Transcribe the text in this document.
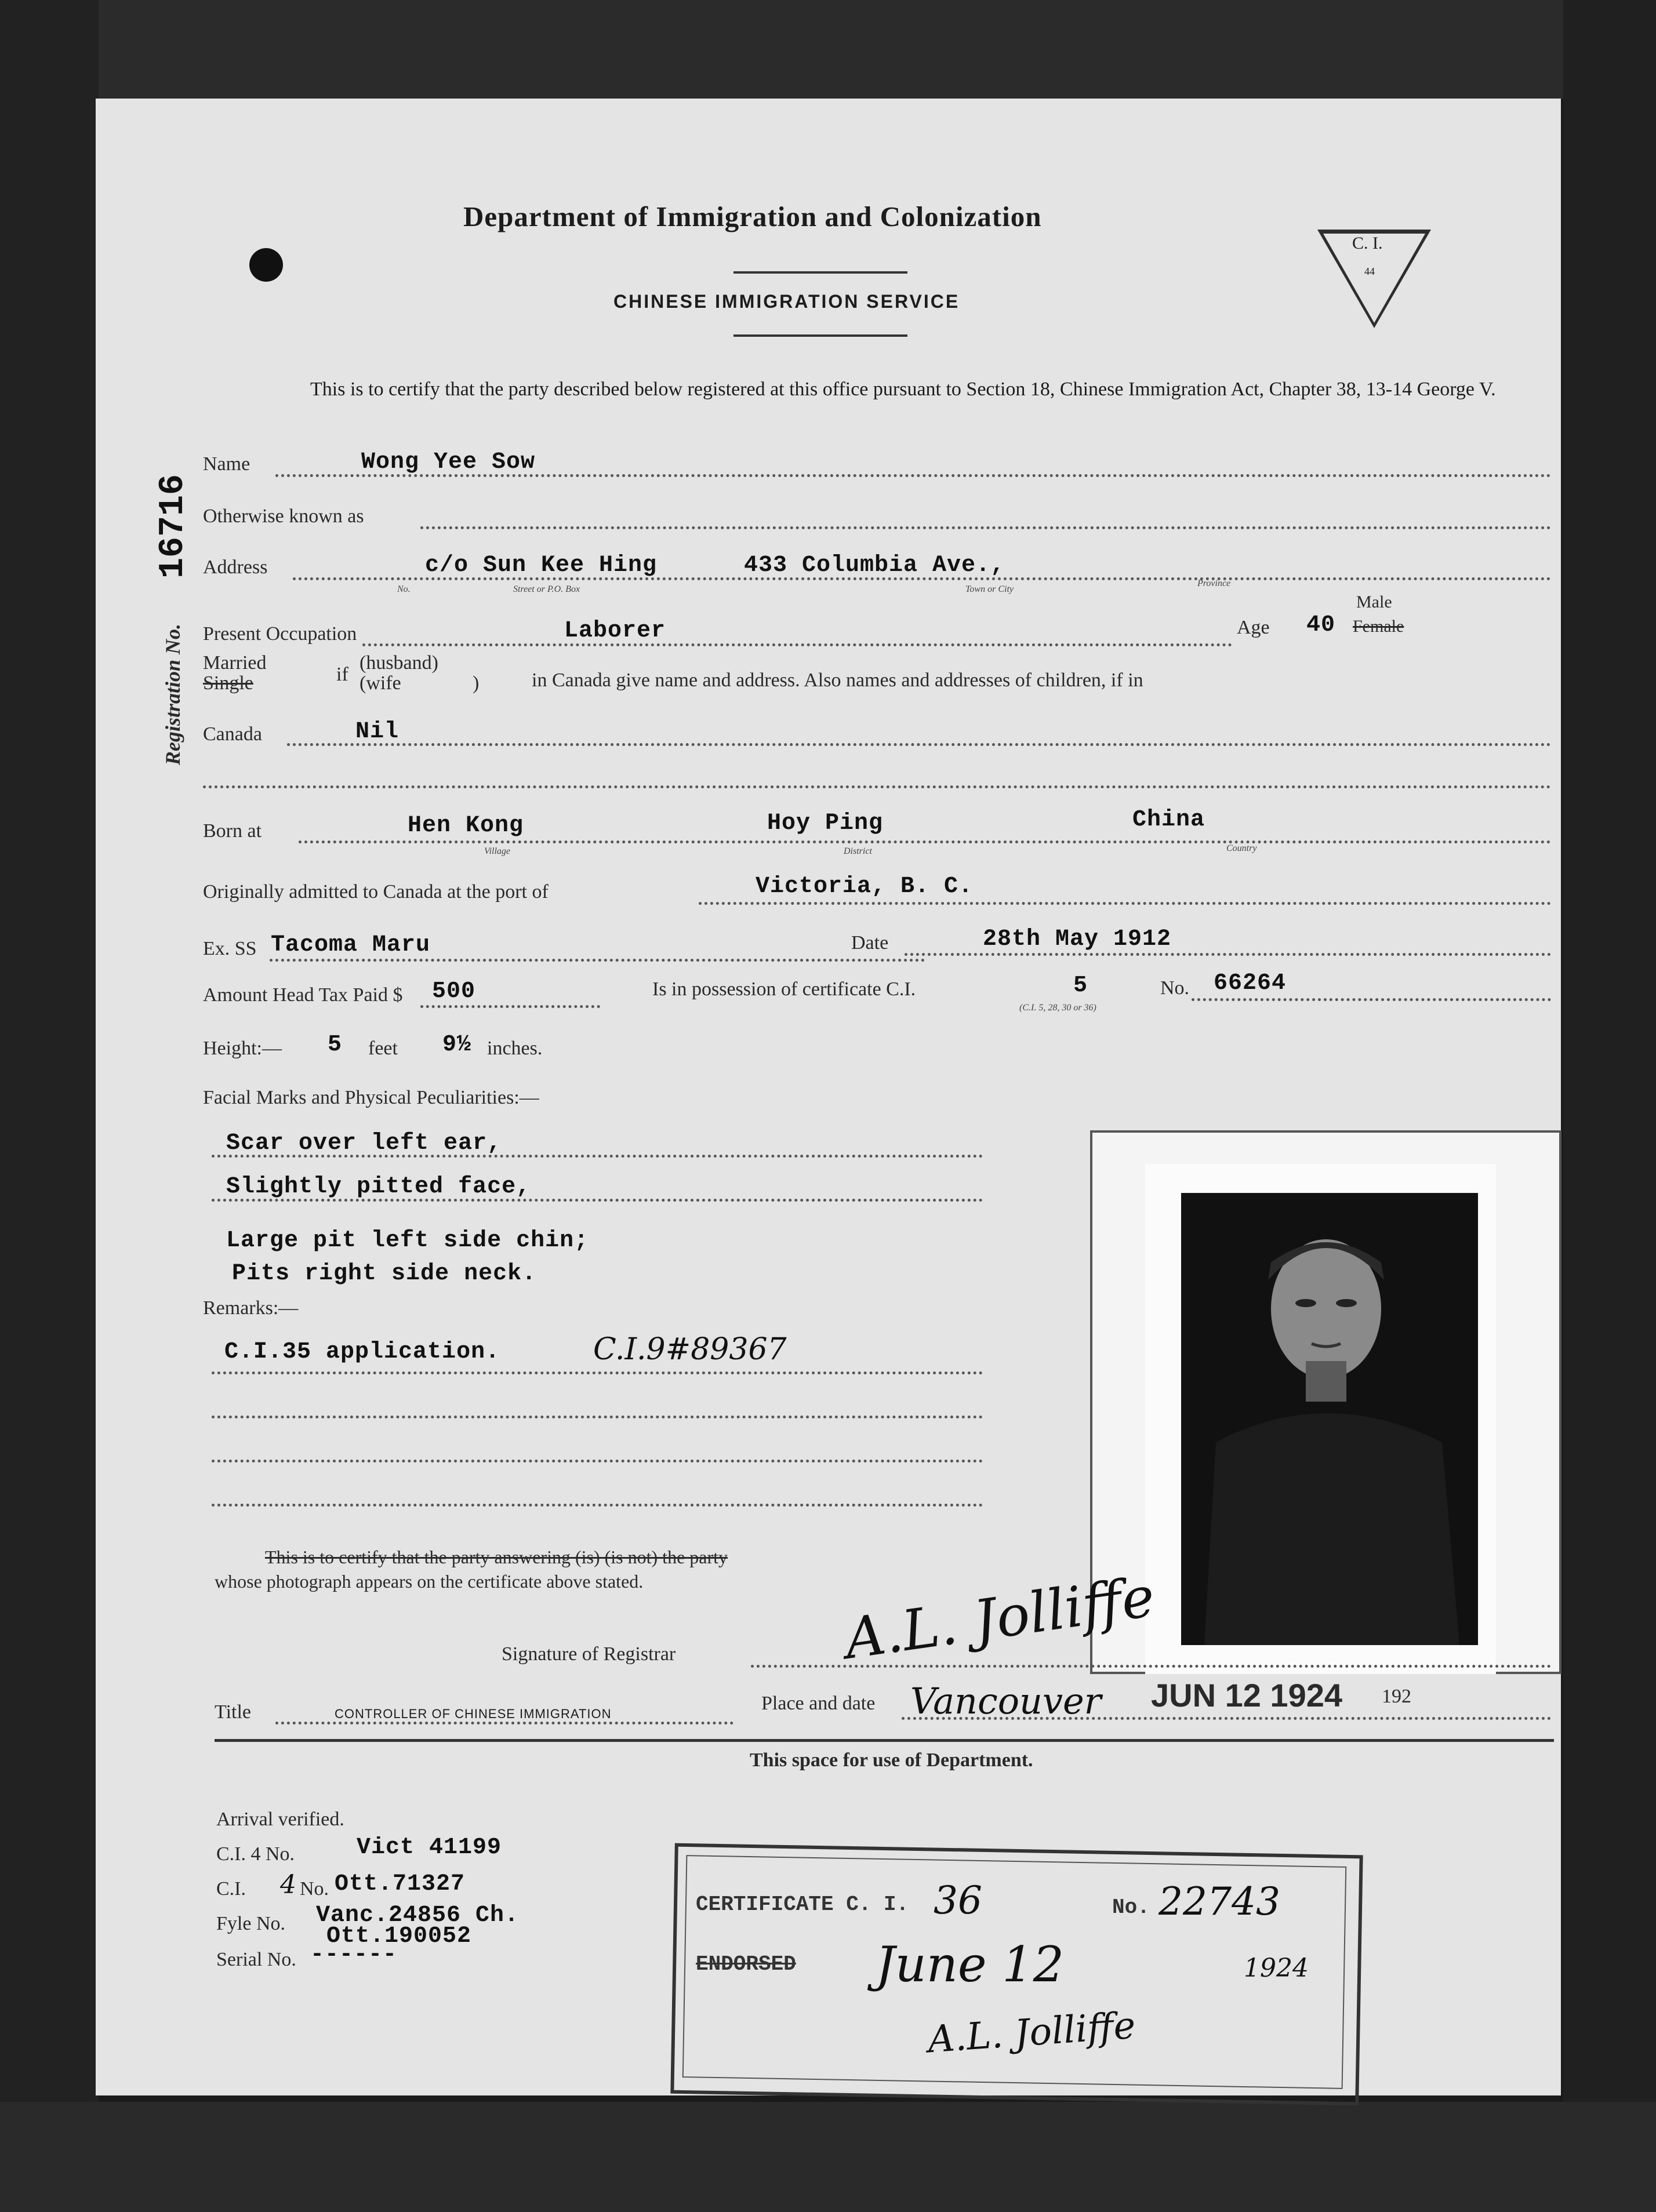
Department of Immigration and Colonization
CHINESE IMMIGRATION SERVICE
C. I.
44
Registration No.
16716
This is to certify that the party described below registered at this office pursuant to Section 18, Chinese Immigration Act, Chapter 38, 13-14 George V.
Name	Wong Yee Sow
Otherwise known as
Address	c/o Sun Kee Hing	433 Columbia Ave.,
No.	Street or P.O. Box	Town or City
Province
Present Occupation	Laborer	Age 40
Male
Female
Married
Single	if
(husband)
(wife	)	in Canada give name and address. Also names and addresses of children, if in
Canada	Nil
Born at	Hen Kong	Hoy Ping	China
Village	District	Country
Originally admitted to Canada at the port of	Victoria, B. C.
Ex. SS Tacoma Maru	Date	28th May 1912
Amount Head Tax Paid $ 500	Is in possession of certificate C.I.	5
(C.I. 5, 28, 30 or 36)
No. 66264
Height:— 5 feet 9½ inches.
Facial Marks and Physical Peculiarities:—
Scar over left ear,
Slightly pitted face,
Large pit left side chin;
Pits right side neck.
Remarks:—
C.I.35 application.	C.I.9#89367
This is to certify that the party answering (is) (is not) the party
whose photograph appears on the certificate above stated.
Signature of Registrar	A.L. Jolliffe
Title	CONTROLLER OF CHINESE IMMIGRATION	Place and date Vancouver JUN 12 1924 192
This space for use of Department.
Arrival verified.
C.I. 4 No.	Vict 41199
C.I. 4 No. Ott.71327
Fyle No. Vanc.24856 Ch.
Ott.190052
Serial No. ------
CERTIFICATE C. I. 36	No. 22743
ENDORSED June 12	1924
A.L. Jolliffe
